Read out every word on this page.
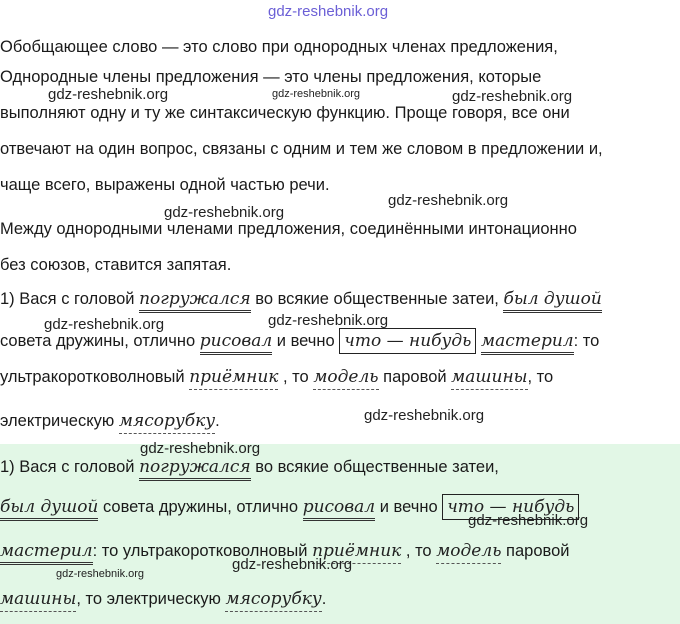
Обобщающее слово — это слово при однородных членах предложения,
Однородные члены предложения — это члены предложения, которые
выполняют одну и ту же синтаксическую функцию. Проще говоря, все они
отвечают на один вопрос, связаны с одним и тем же словом в предложении и,
чаще всего, выражены одной частью речи.
Между однородными членами предложения, соединёнными интонационно
без союзов, ставится запятая.
1) Вася с головой погружался во всякие общественные затеи, был душой
совета дружины, отлично рисовал и вечно что — нибудь мастерил: то
ультракоротковолновый приёмник , то модель паровой машины, то
электрическую мясорубку.
1) Вася с головой погружался во всякие общественные затеи,
был душой совета дружины, отлично рисовал и вечно что — нибудь
мастерил: то ультракоротковолновый приёмник , то модель паровой
машины, то электрическую мясорубку.
gdz-reshebnik.org
gdz-reshebnik.org	gdz-reshebnik.org	gdz-reshebnik.org
gdz-reshebnik.org
gdz-reshebnik.org
gdz-reshebnik.org	gdz-reshebnik.org
gdz-reshebnik.org
gdz-reshebnik.org
gdz-reshebnik.org
gdz-reshebnik.org
gdz-reshebnik.org
